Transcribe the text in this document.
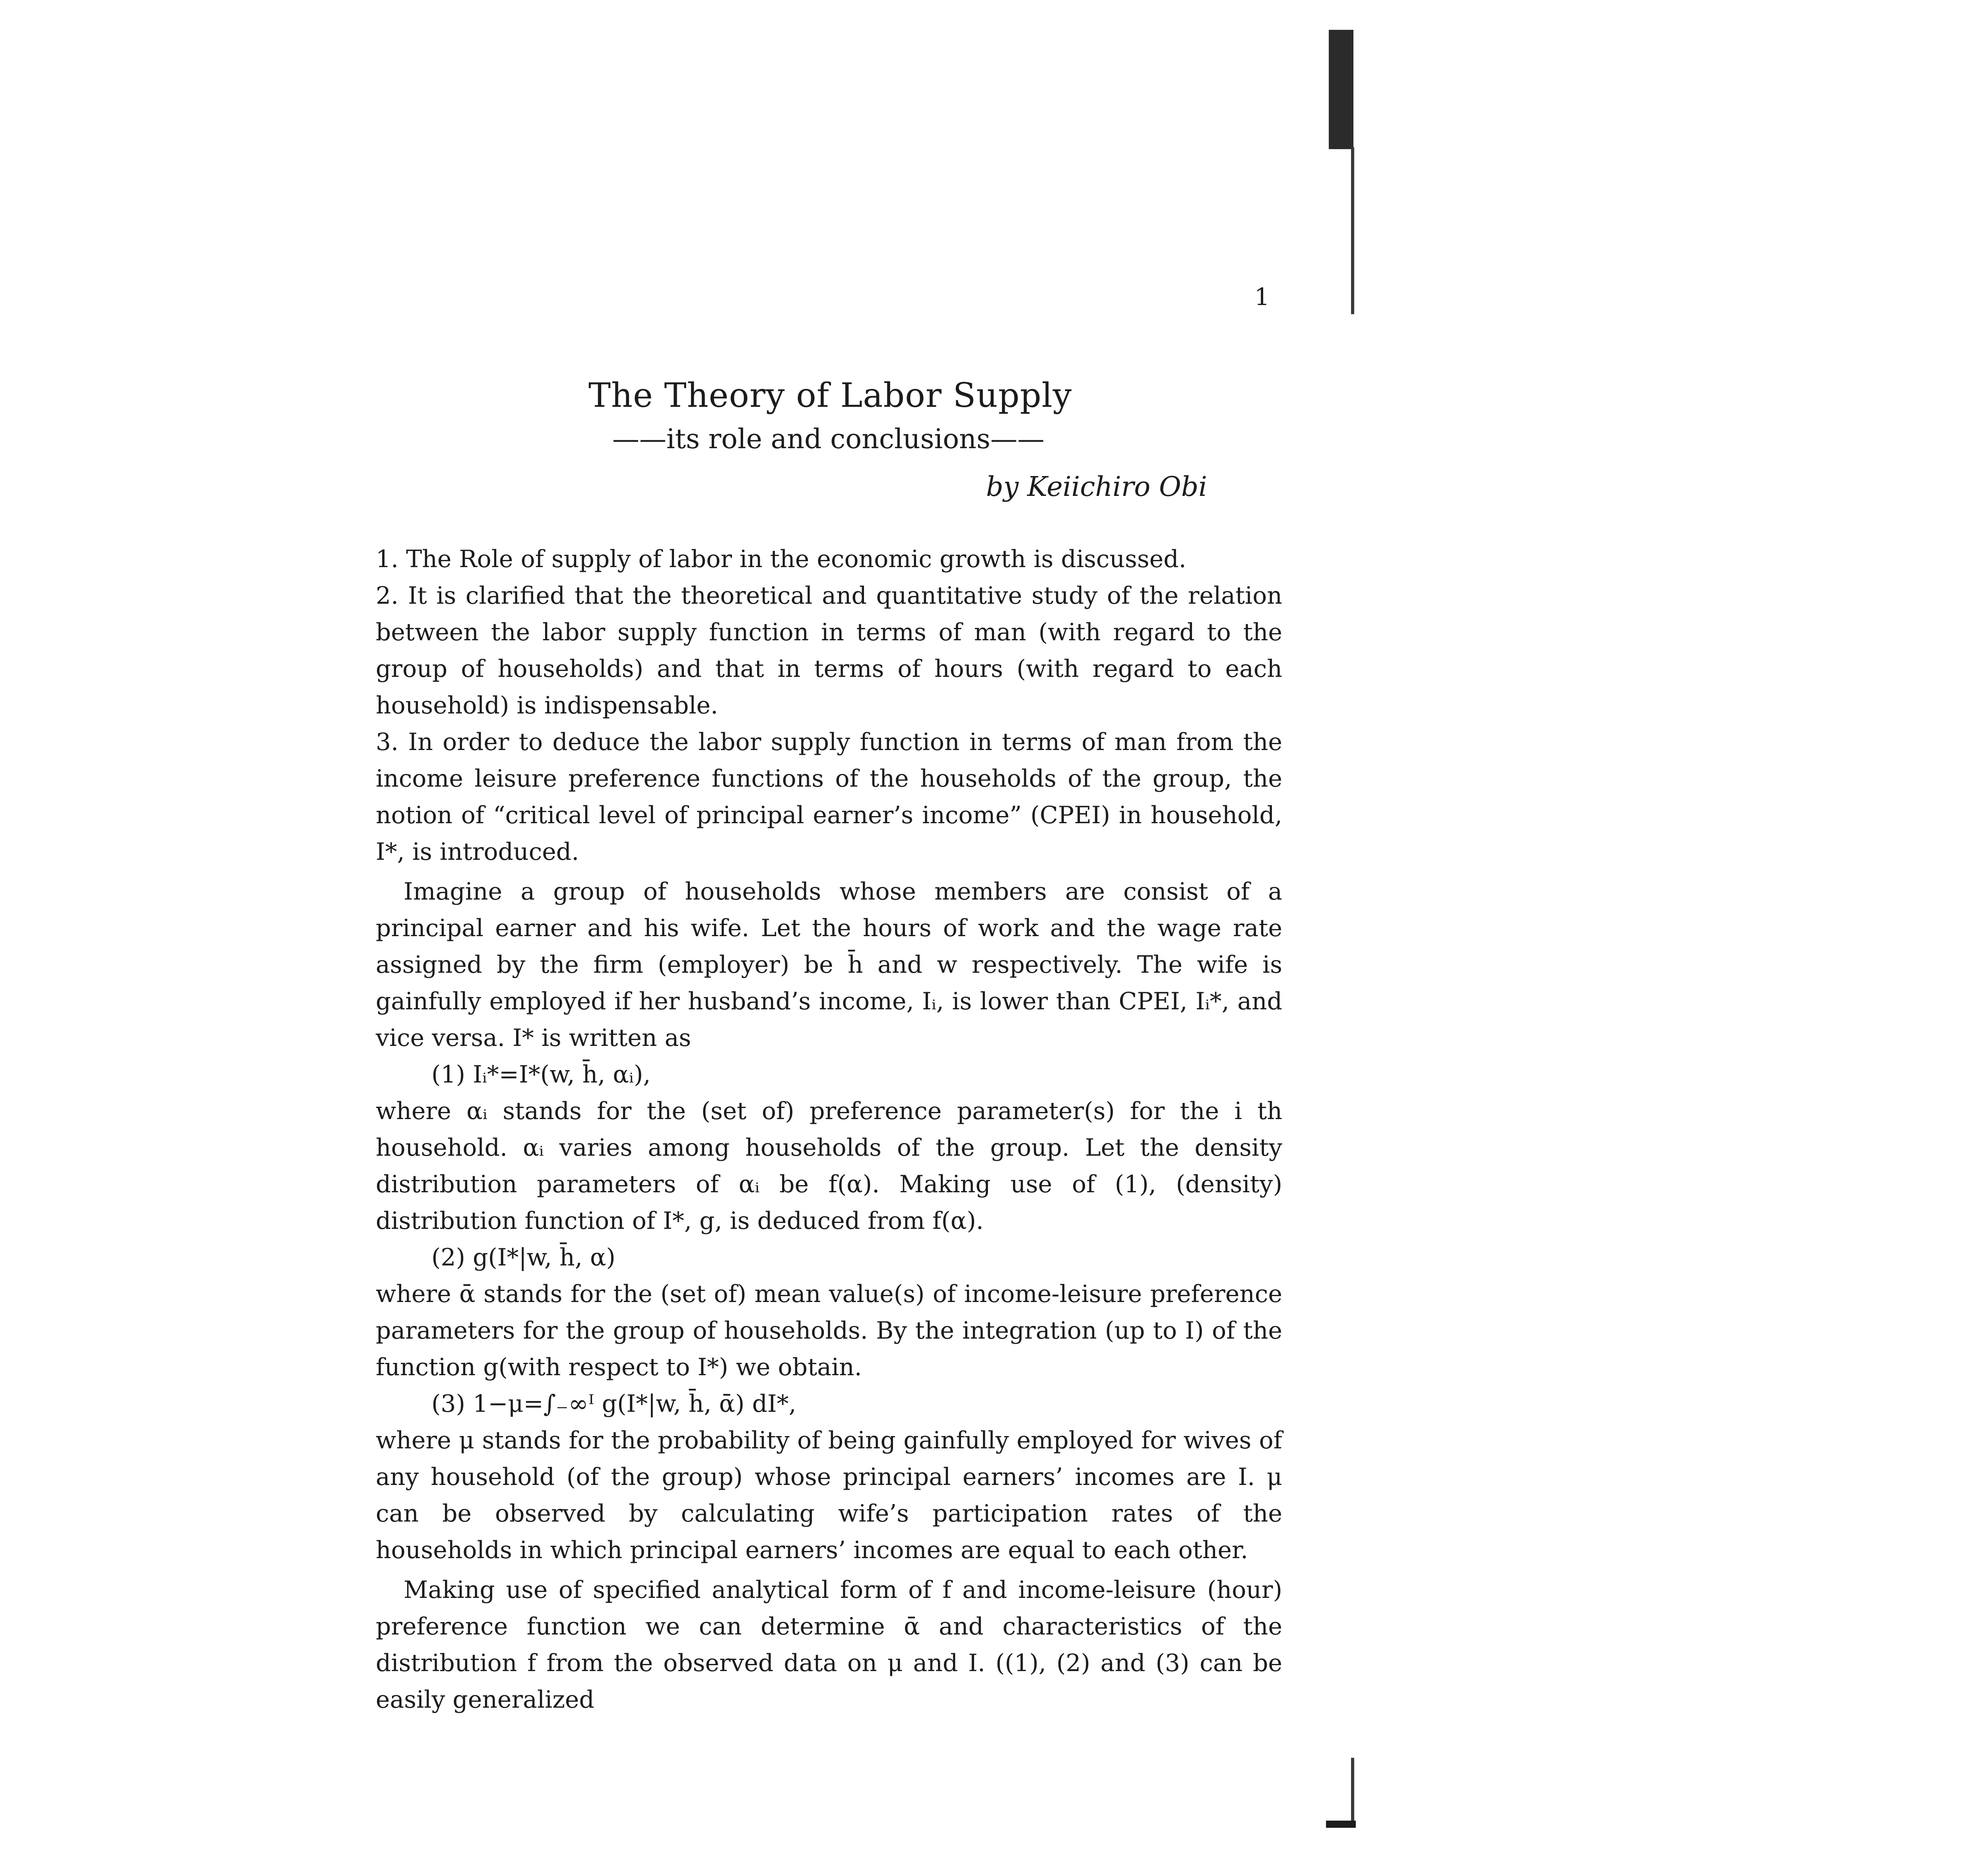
1
The Theory of Labor Supply
——its role and conclusions——
by Keiichiro Obi

1. The Role of supply of labor in the economic growth is discussed.

2. It is clarified that the theoretical and quantitative study of the relation between the labor supply function in terms of man (with regard to the group of households) and that in terms of hours (with regard to each household) is indispensable.

3. In order to deduce the labor supply function in terms of man from the income leisure preference functions of the households of the group, the notion of “critical level of principal earner’s income” (CPEI) in household, I*, is introduced.

Imagine a group of households whose members are consist of a principal earner and his wife. Let the hours of work and the wage rate assigned by the firm (employer) be h̄ and w respectively. The wife is gainfully employed if her husband’s income, Iᵢ, is lower than CPEI, Iᵢ*, and vice versa. I* is written as

(1) Iᵢ*=I*(w, h̄, αᵢ),

where αᵢ stands for the (set of) preference parameter(s) for the i th household. αᵢ varies among households of the group. Let the density distribution parameters of αᵢ be f(α). Making use of (1), (density) distribution function of I*, g, is deduced from f(α).

(2) g(I*|w, h̄, α)

where ᾱ stands for the (set of) mean value(s) of income-leisure preference parameters for the group of households. By the integration (up to I) of the function g(with respect to I*) we obtain.

(3) 1−μ=∫₋∞ᴵ g(I*|w, h̄, ᾱ) dI*,

where μ stands for the probability of being gainfully employed for wives of any household (of the group) whose principal earners’ incomes are I. μ can be observed by calculating wife’s participation rates of the households in which principal earners’ incomes are equal to each other.

Making use of specified analytical form of f and income-leisure (hour) preference function we can determine ᾱ and characteristics of the distribution f from the observed data on μ and I. ((1), (2) and (3) can be easily generalized
